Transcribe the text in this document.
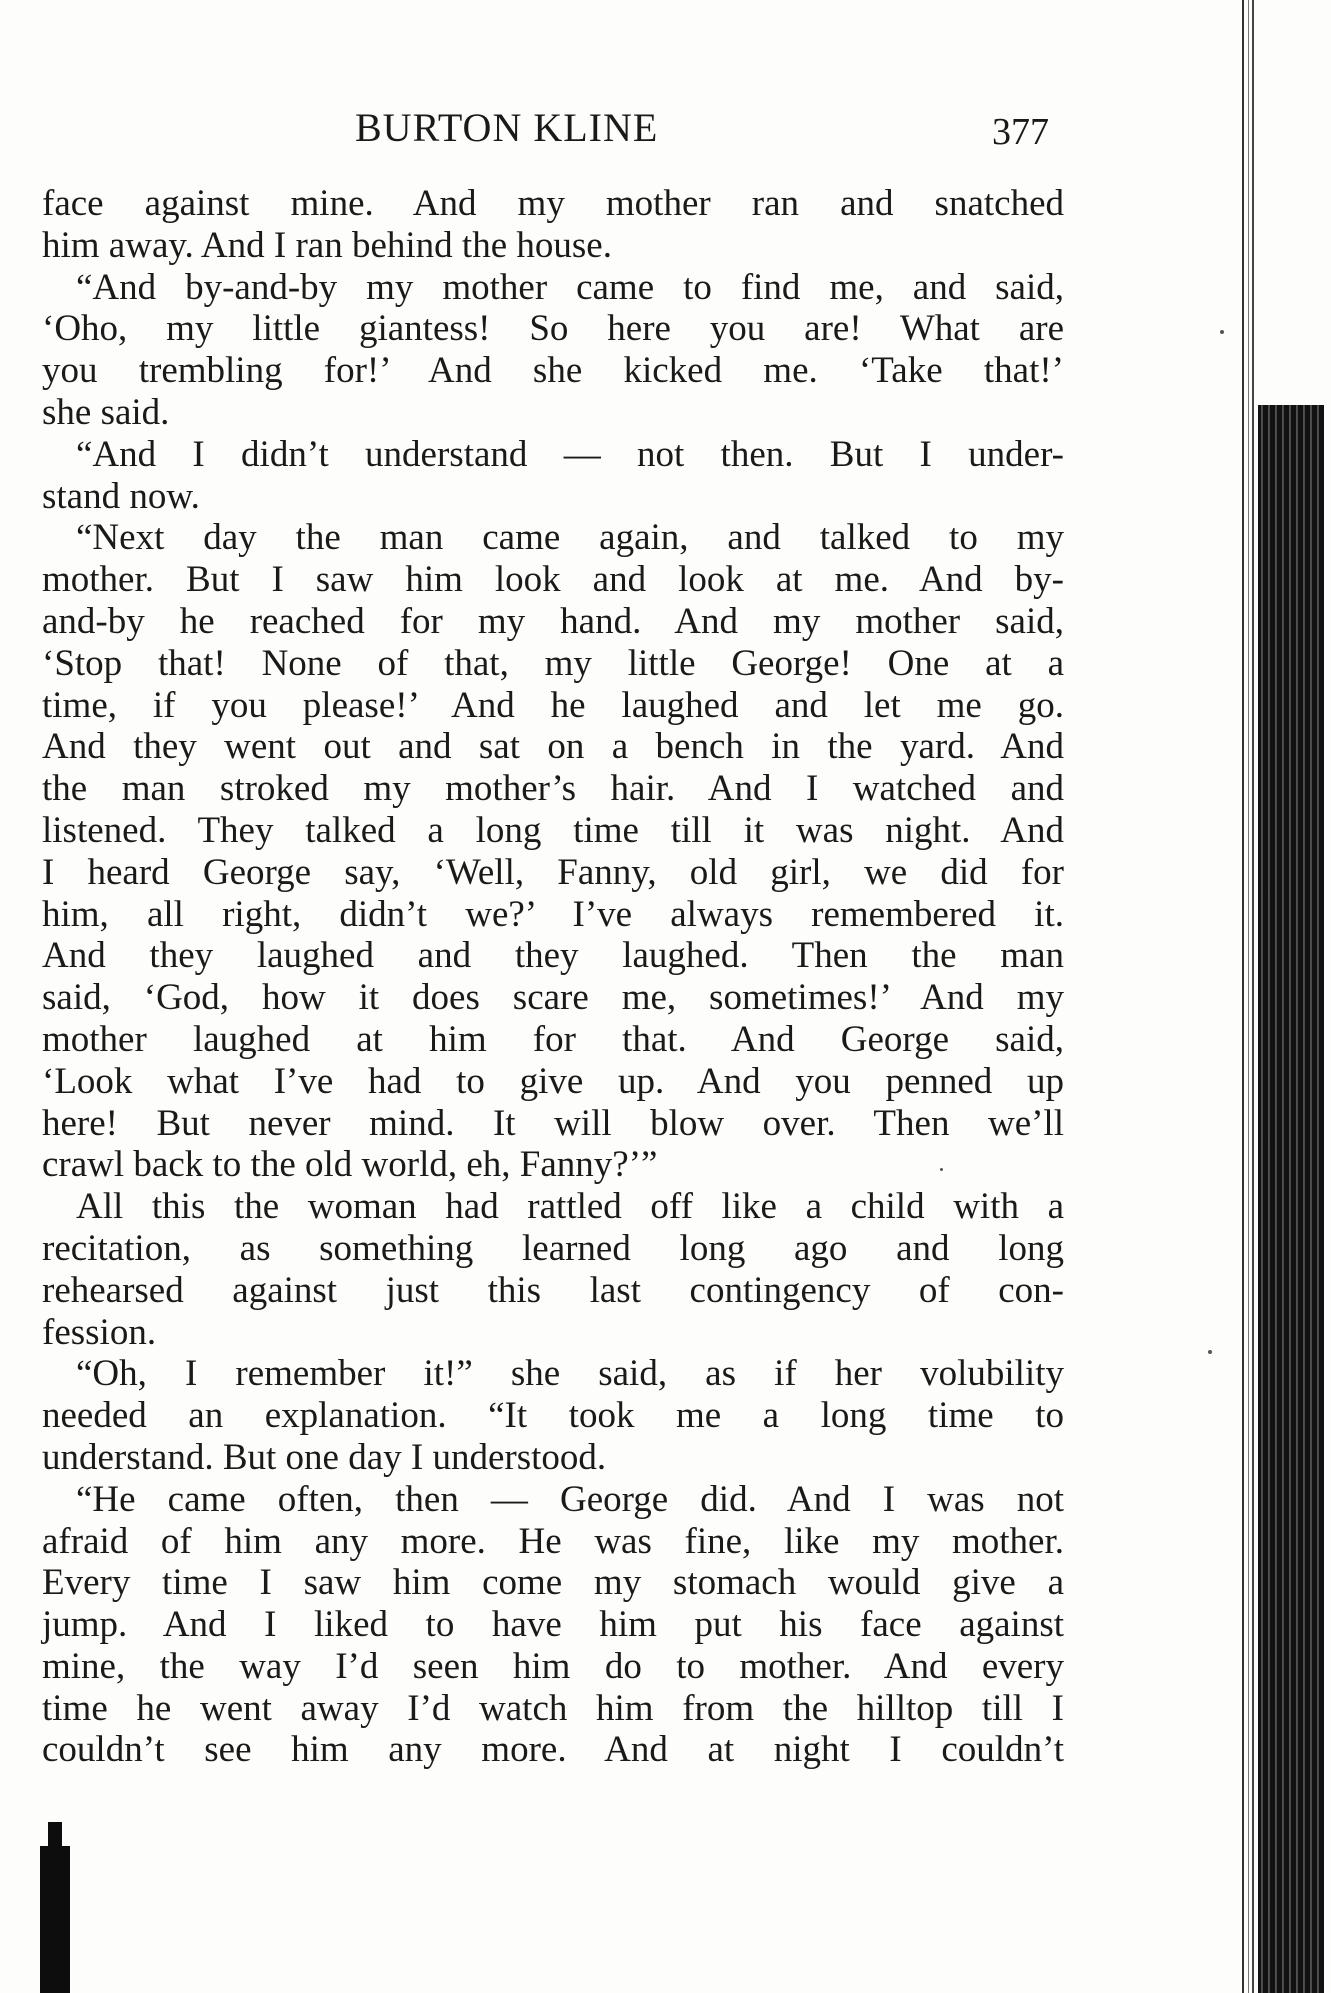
BURTON KLINE	377
face against mine. And my mother ran and snatched
him away. And I ran behind the house.
“And by-and-by my mother came to find me, and said,
‘Oho, my little giantess! So here you are! What are
you trembling for!’ And she kicked me. ‘Take that!’
she said.
“And I didn’t understand — not then. But I under-
stand now.
“Next day the man came again, and talked to my
mother. But I saw him look and look at me. And by-
and-by he reached for my hand. And my mother said,
‘Stop that! None of that, my little George! One at a
time, if you please!’ And he laughed and let me go.
And they went out and sat on a bench in the yard. And
the man stroked my mother’s hair. And I watched and
listened. They talked a long time till it was night. And
I heard George say, ‘Well, Fanny, old girl, we did for
him, all right, didn’t we?’ I’ve always remembered it.
And they laughed and they laughed. Then the man
said, ‘God, how it does scare me, sometimes!’ And my
mother laughed at him for that. And George said,
‘Look what I’ve had to give up. And you penned up
here! But never mind. It will blow over. Then we’ll
crawl back to the old world, eh, Fanny?’”
All this the woman had rattled off like a child with a
recitation, as something learned long ago and long
rehearsed against just this last contingency of con-
fession.
“Oh, I remember it!” she said, as if her volubility
needed an explanation. “It took me a long time to
understand. But one day I understood.
“He came often, then — George did. And I was not
afraid of him any more. He was fine, like my mother.
Every time I saw him come my stomach would give a
jump. And I liked to have him put his face against
mine, the way I’d seen him do to mother. And every
time he went away I’d watch him from the hilltop till I
couldn’t see him any more. And at night I couldn’t
